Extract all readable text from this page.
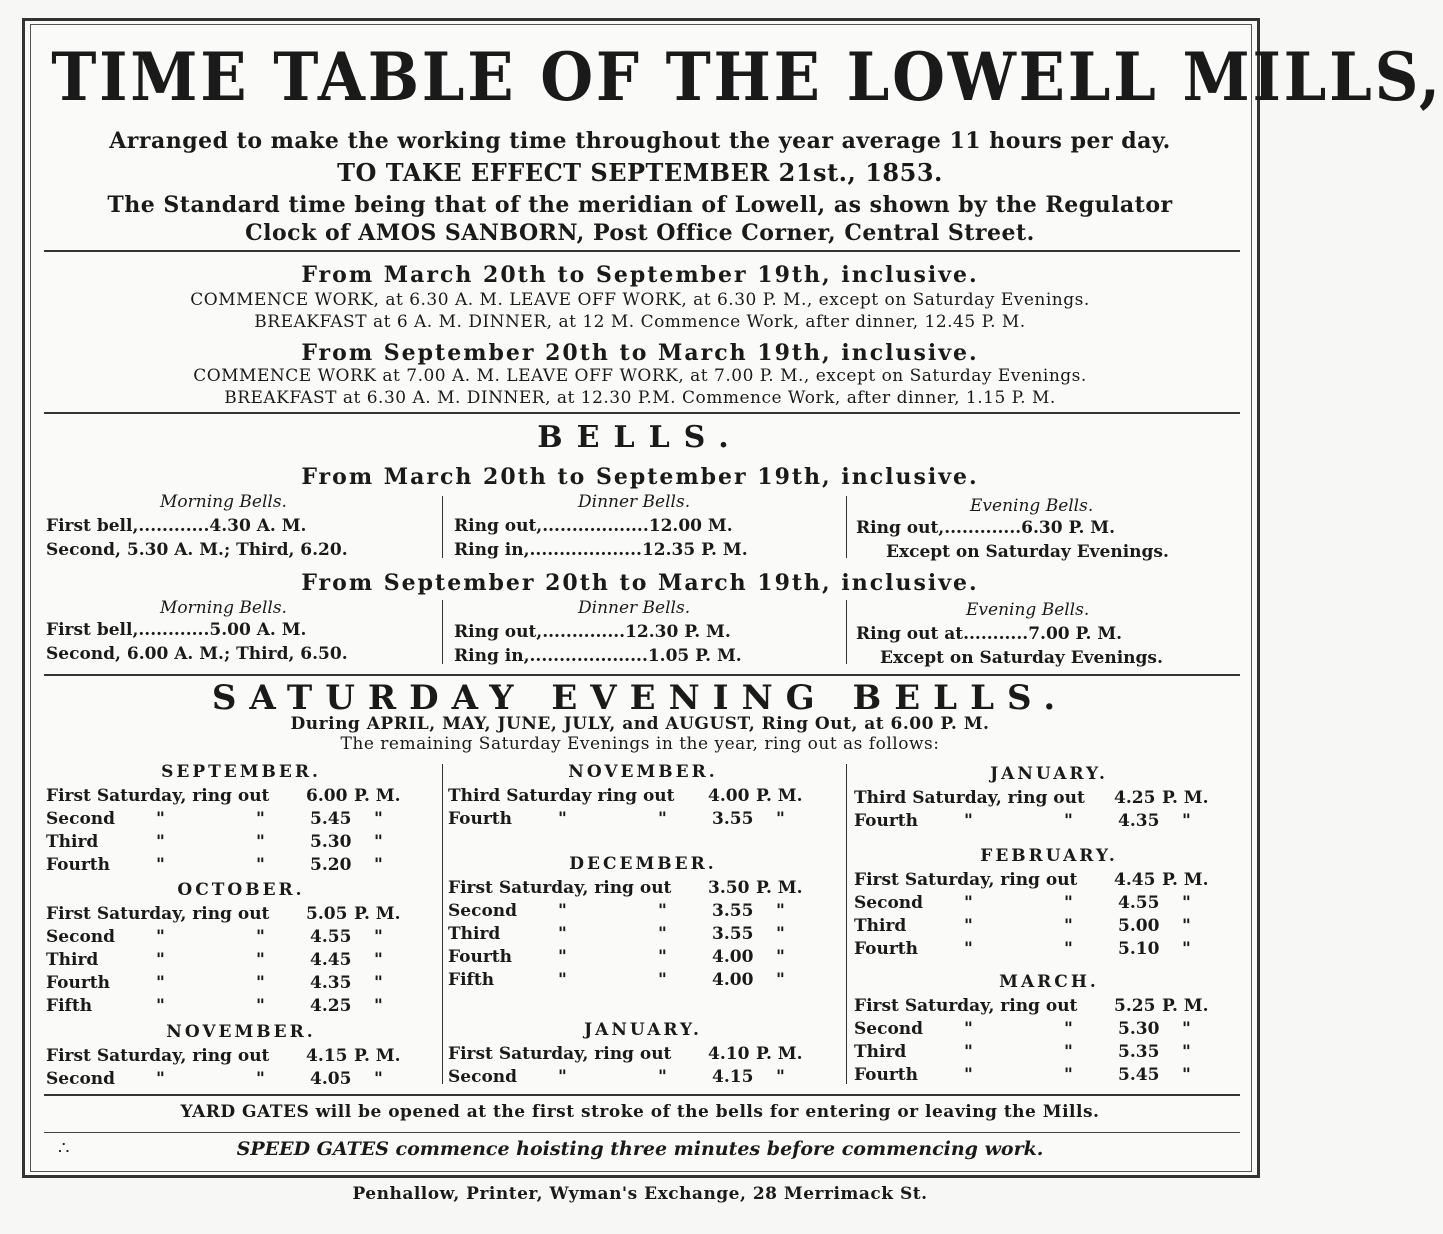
TIME TABLE OF THE LOWELL MILLS,
Arranged to make the working time throughout the year average 11 hours per day.
TO TAKE EFFECT SEPTEMBER 21st., 1853.
The Standard time being that of the meridian of Lowell, as shown by the Regulator
Clock of AMOS SANBORN, Post Office Corner, Central Street.
From March 20th to September 19th, inclusive.
COMMENCE WORK, at 6.30 A. M. LEAVE OFF WORK, at 6.30 P. M., except on Saturday Evenings.
BREAKFAST at 6 A. M. DINNER, at 12 M. Commence Work, after dinner, 12.45 P. M.
From September 20th to March 19th, inclusive.
COMMENCE WORK at 7.00 A. M. LEAVE OFF WORK, at 7.00 P. M., except on Saturday Evenings.
BREAKFAST at 6.30 A. M. DINNER, at 12.30 P.M. Commence Work, after dinner, 1.15 P. M.
BELLS.
From March 20th to September 19th, inclusive.
Morning Bells.	Dinner Bells.	Evening Bells.
First bell,............4.30 A. M.
Second, 5.30 A. M.; Third, 6.20.
Ring out,..................12.00 M.
Ring in,...................12.35 P. M.
Ring out,.............6.30 P. M.
Except on Saturday Evenings.
From September 20th to March 19th, inclusive.
Morning Bells.	Dinner Bells.	Evening Bells.
First bell,............5.00 A. M.
Second, 6.00 A. M.; Third, 6.50.
Ring out,..............12.30 P. M.
Ring in,....................1.05 P. M.
Ring out at...........7.00 P. M.
Except on Saturday Evenings.
SATURDAY EVENING BELLS.
During APRIL, MAY, JUNE, JULY, and AUGUST, Ring Out, at 6.00 P. M.
The remaining Saturday Evenings in the year, ring out as follows:
SEPTEMBER.
First Saturday, ring out 6.00 P. M.
Second "	"	5.45 "
Third	"	"	5.30 "
Fourth	"	"	5.20 "
OCTOBER.
First Saturday, ring out 5.05 P. M.
Second "	"	4.55 "
Third	"	"	4.45 "
Fourth	"	"	4.35 "
Fifth	"	"	4.25 "
NOVEMBER.
First Saturday, ring out 4.15 P. M.
Second "	"	4.05 "
NOVEMBER.
Third Saturday ring out 4.00 P. M.
Fourth	"	"	3.55 "
DECEMBER.
First Saturday, ring out 3.50 P. M.
Second "	"	3.55 "
Third	"	"	3.55 "
Fourth	"	"	4.00 "
Fifth	"	"	4.00 "
JANUARY.
First Saturday, ring out 4.10 P. M.
Second "	"	4.15 "
JANUARY.
Third Saturday, ring out 4.25 P. M.
Fourth	"	"	4.35 "
FEBRUARY.
First Saturday, ring out 4.45 P. M.
Second "	"	4.55 "
Third	"	"	5.00 "
Fourth	"	"	5.10 "
MARCH.
First Saturday, ring out 5.25 P. M.
Second "	"	5.30 "
Third	"	"	5.35 "
Fourth	"	"	5.45 "
YARD GATES will be opened at the first stroke of the bells for entering or leaving the Mills.
∴	SPEED GATES commence hoisting three minutes before commencing work.
Penhallow, Printer, Wyman's Exchange, 28 Merrimack St.
